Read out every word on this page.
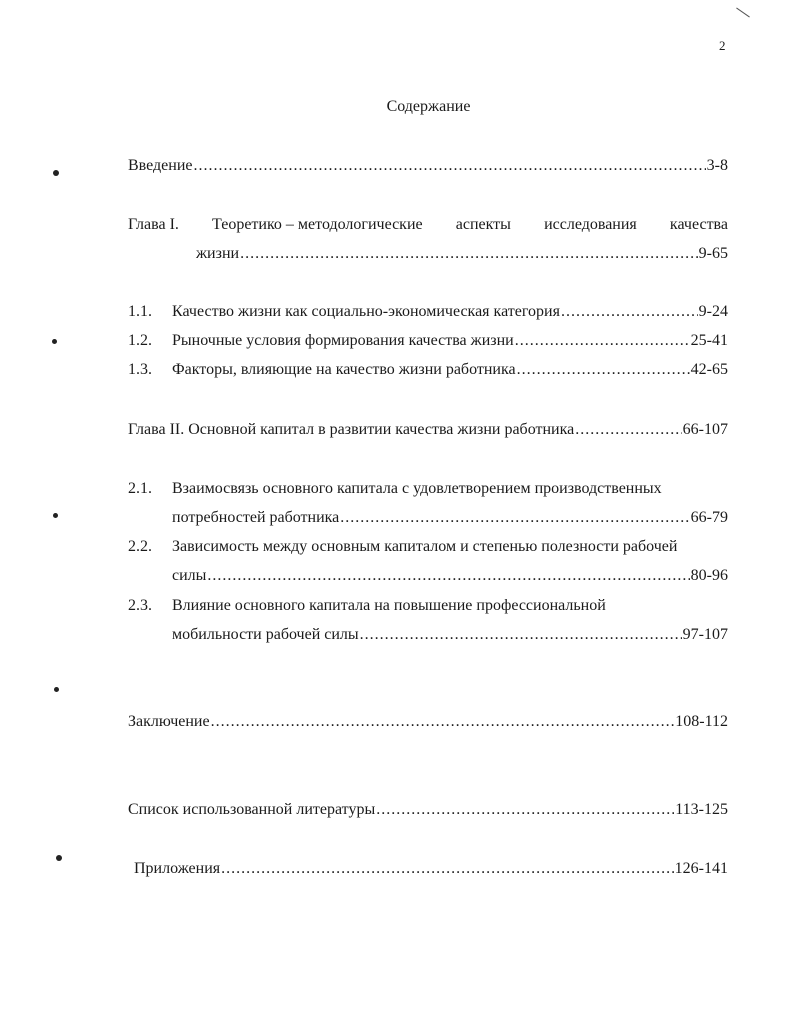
2
Содержание
Введение .....	3-8
Глава I. Теоретико – методологические аспекты исследования качества
жизни .....	9-65
1.1. Качество жизни как социально-экономическая категория .....	9-24
1.2. Рыночные условия формирования качества жизни .....	25-41
1.3. Факторы, влияющие на качество жизни работника .....	42-65
Глава II. Основной капитал в развитии качества жизни работника .....	66-107
2.1. Взаимосвязь основного капитала с удовлетворением производственных
потребностей работника .....	66-79
2.2. Зависимость между основным капиталом и степенью полезности рабочей
силы .....	80-96
2.3. Влияние основного капитала на повышение профессиональной
мобильности рабочей силы .....	97-107
Заключение .....	108-112
Список использованной литературы .....	113-125
Приложения .....	126-141
